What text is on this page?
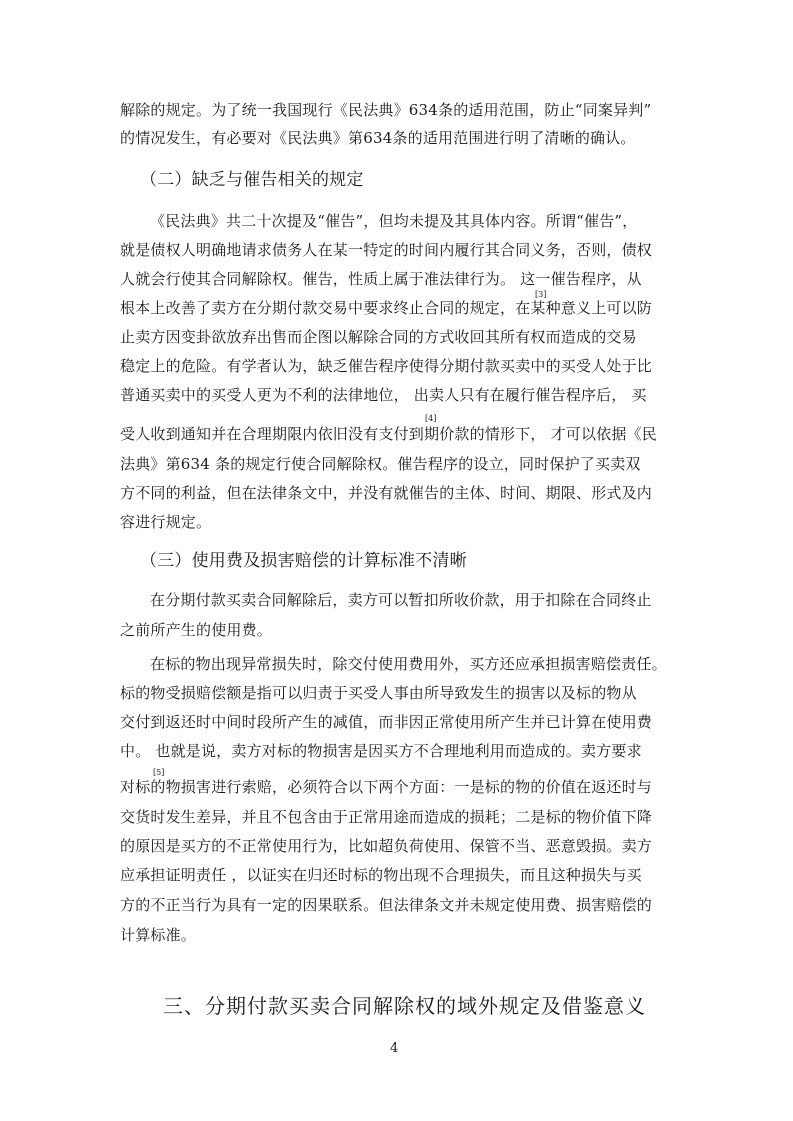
解除的规定。为了统一我国现行《民法典》634条的适用范围，防止“同案异判”
的情况发生，有必要对《民法典》第634条的适用范围进行明了清晰的确认。
（二）缺乏与催告相关的规定
《民法典》共二十次提及“催告”，但均未提及其具体内容。所谓“催告”，
就是债权人明确地请求债务人在某一特定的时间内履行其合同义务，否则，债权
人就会行使其合同解除权。催告，性质上属于准法律行为。 这一催告程序，从
根本上改善了卖方在分期付款交易中要求终止合同的规定，在某种意义上可以防
止卖方因变卦欲放弃出售而企图以解除合同的方式收回其所有权而造成的交易
稳定上的危险。有学者认为，缺乏催告程序使得分期付款买卖中的买受人处于比
普通买卖中的买受人更为不利的法律地位， 出卖人只有在履行催告程序后， 买
受人收到通知并在合理期限内依旧没有支付到期价款的情形下， 才可以依据《民
法典》第634 条的规定行使合同解除权。催告程序的设立，同时保护了买卖双
方不同的利益，但在法律条文中，并没有就催告的主体、时间、期限、形式及内
容进行规定。
（三）使用费及损害赔偿的计算标准不清晰
在分期付款买卖合同解除后，卖方可以暂扣所收价款，用于扣除在合同终止
之前所产生的使用费。
在标的物出现异常损失时，除交付使用费用外，买方还应承担损害赔偿责任。
标的物受损赔偿额是指可以归责于买受人事由所导致发生的损害以及标的物从
交付到返还时中间时段所产生的减值，而非因正常使用所产生并已计算在使用费
中。 也就是说，卖方对标的物损害是因买方不合理地利用而造成的。卖方要求
对标的物损害进行索赔，必须符合以下两个方面：一是标的物的价值在返还时与
交货时发生差异，并且不包含由于正常用途而造成的损耗；二是标的物价值下降
的原因是买方的不正常使用行为，比如超负荷使用、保管不当、恶意毁损。卖方
应承担证明责任 ，以证实在归还时标的物出现不合理损失，而且这种损失与买
方的不正当行为具有一定的因果联系。但法律条文并未规定使用费、损害赔偿的
计算标准。
三、分期付款买卖合同解除权的域外规定及借鉴意义
[3]
[4]
[5]
4
